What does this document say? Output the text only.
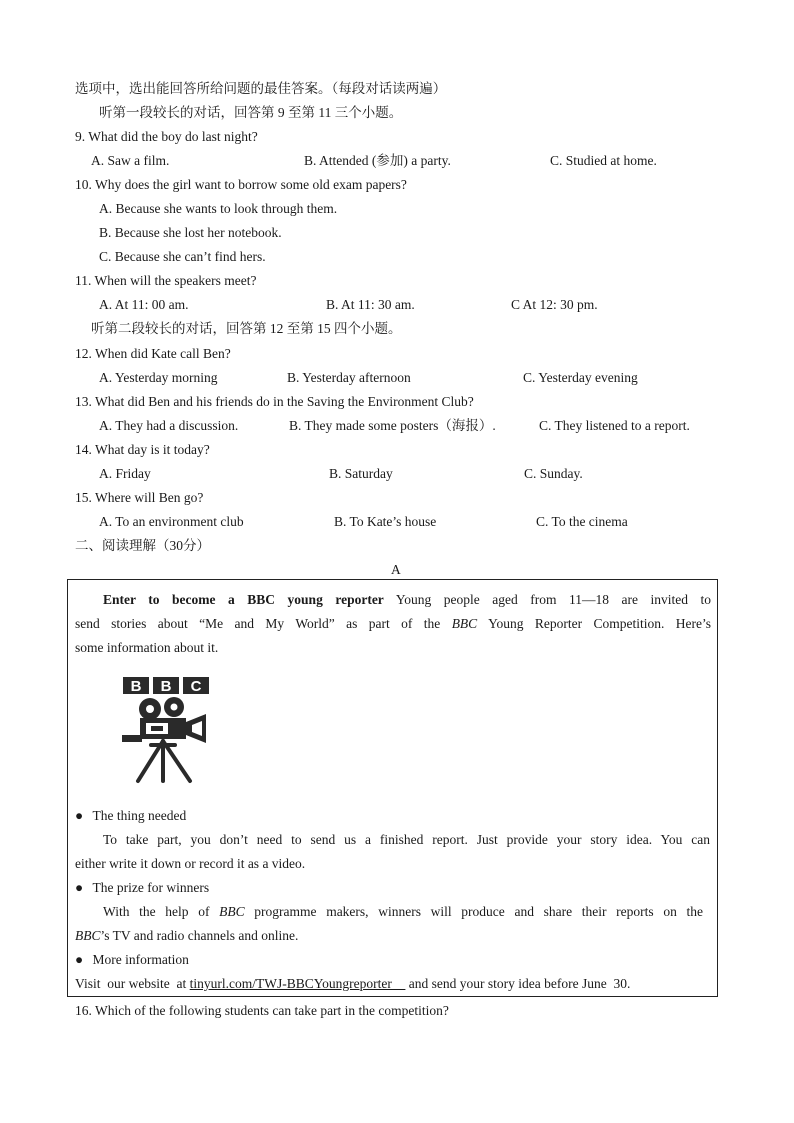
选项中，选出能回答所给问题的最佳答案。（每段对话读两遍）
听第一段较长的对话，回答第 9 至第 11 三个小题。
9. What did the boy do last night?
A. Saw a film.	B. Attended (参加) a party.	C. Studied at home.
10. Why does the girl want to borrow some old exam papers?
A. Because she wants to look through them.
B. Because she lost her notebook.
C. Because she can’t find hers.
11. When will the speakers meet?
A. At 11: 00 am.	B. At 11: 30 am.	C At 12: 30 pm.
听第二段较长的对话，回答第 12 至第 15 四个小题。
12. When did Kate call Ben?
A. Yesterday morning	B. Yesterday afternoon	C. Yesterday evening
13. What did Ben and his friends do in the Saving the Environment Club?
A. They had a discussion.	B. They made some posters（海报）.	C. They listened to a report.
14. What day is it today?
A. Friday	B. Saturday	C. Sunday.
15. Where will Ben go?
A. To an environment club	B. To Kate’s house	C. To the cinema
二、阅读理解（30分）
A
Enter to become a BBC young reporter Young people aged from 11—18 are invited to
send stories about “Me and My World” as part of the BBC Young Reporter Competition. Here’s
some information about it.
B B C
● The thing needed
To take part, you don’t need to send us a finished report. Just provide your story idea. You can
either write it down or record it as a video.
● The prize for winners
With the help of BBC programme makers, winners will produce and share their reports on the
BBC’s TV and radio channels and online.
● More information
Visit  our website  at tinyurl.com/TWJ-BBCYoungreporter     and send your story idea before June  30.
16. Which of the following students can take part in the competition?
